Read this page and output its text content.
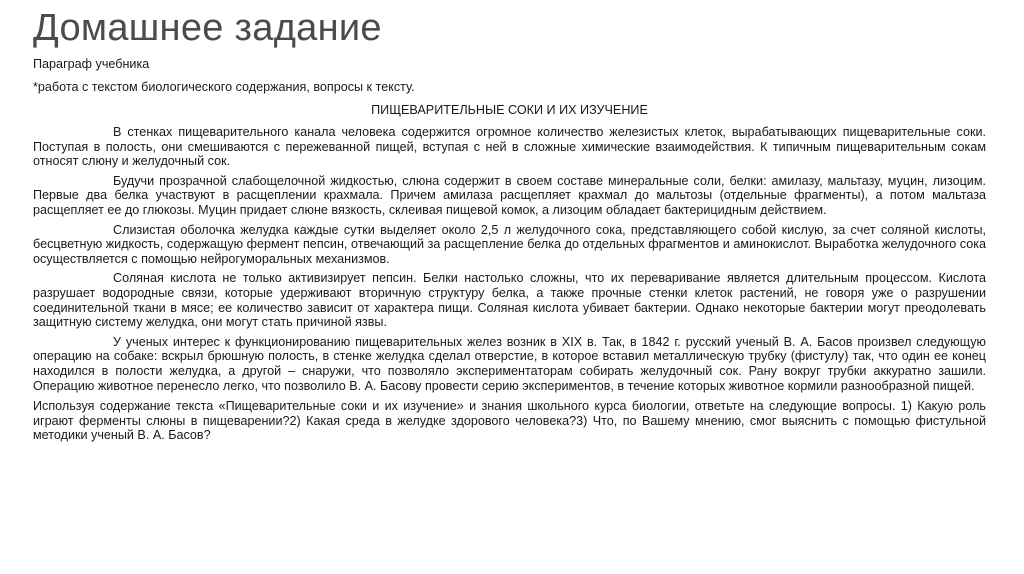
Домашнее задание

Параграф учебника

*работа с текстом биологического содержания, вопросы к тексту.

ПИЩЕВАРИТЕЛЬНЫЕ СОКИ И ИХ ИЗУЧЕНИЕ

В стенках пищеварительного канала человека содержится огромное количество железистых клеток, вырабатывающих пищеварительные соки. Поступая в полость, они смешиваются с пережеванной пищей, вступая с ней в сложные химические взаимодействия. К типичным пищеварительным сокам относят слюну и желудочный сок.

Будучи прозрачной слабощелочной жидкостью, слюна содержит в своем составе минеральные соли, белки: амилазу, мальтазу, муцин, лизоцим. Первые два белка участвуют в расщеплении крахмала. Причем амилаза расщепляет крахмал до мальтозы (отдельные фрагменты), а потом мальтаза расщепляет ее до глюкозы. Муцин придает слюне вязкость, склеивая пищевой комок, а лизоцим обладает бактерицидным действием.

Слизистая оболочка желудка каждые сутки выделяет около 2,5 л желудочного сока, представляющего собой кислую, за счет соляной кислоты, бесцветную жидкость, содержащую фермент пепсин, отвечающий за расщепление белка до отдельных фрагментов и аминокислот. Выработка желудочного сока осуществляется с помощью нейрогуморальных механизмов.

Соляная кислота не только активизирует пепсин. Белки настолько сложны, что их переваривание является длительным процессом. Кислота разрушает водородные связи, которые удерживают вторичную структуру белка, а также прочные стенки клеток растений, не говоря уже о разрушении соединительной ткани в мясе; ее количество зависит от характера пищи. Соляная кислота убивает бактерии. Однако некоторые бактерии могут преодолевать защитную систему желудка, они могут стать причиной язвы.

У ученых интерес к функционированию пищеварительных желез возник в XIX в. Так, в 1842 г. русский ученый В. А. Басов произвел следующую операцию на собаке: вскрыл брюшную полость, в стенке желудка сделал отверстие, в которое вставил металлическую трубку (фистулу) так, что один ее конец находился в полости желудка, а другой – снаружи, что позволяло экспериментаторам собирать желудочный сок. Рану вокруг трубки аккуратно зашили. Операцию животное перенесло легко, что позволило В. А. Басову провести серию экспериментов, в течение которых животное кормили разнообразной пищей.

Используя содержание текста «Пищеварительные соки и их изучение» и знания школьного курса биологии, ответьте на следующие вопросы. 1) Какую роль играют ферменты слюны в пищеварении?2) Какая среда в желудке здорового человека?3) Что, по Вашему мнению, смог выяснить с помощью фистульной методики ученый В. А. Басов?
